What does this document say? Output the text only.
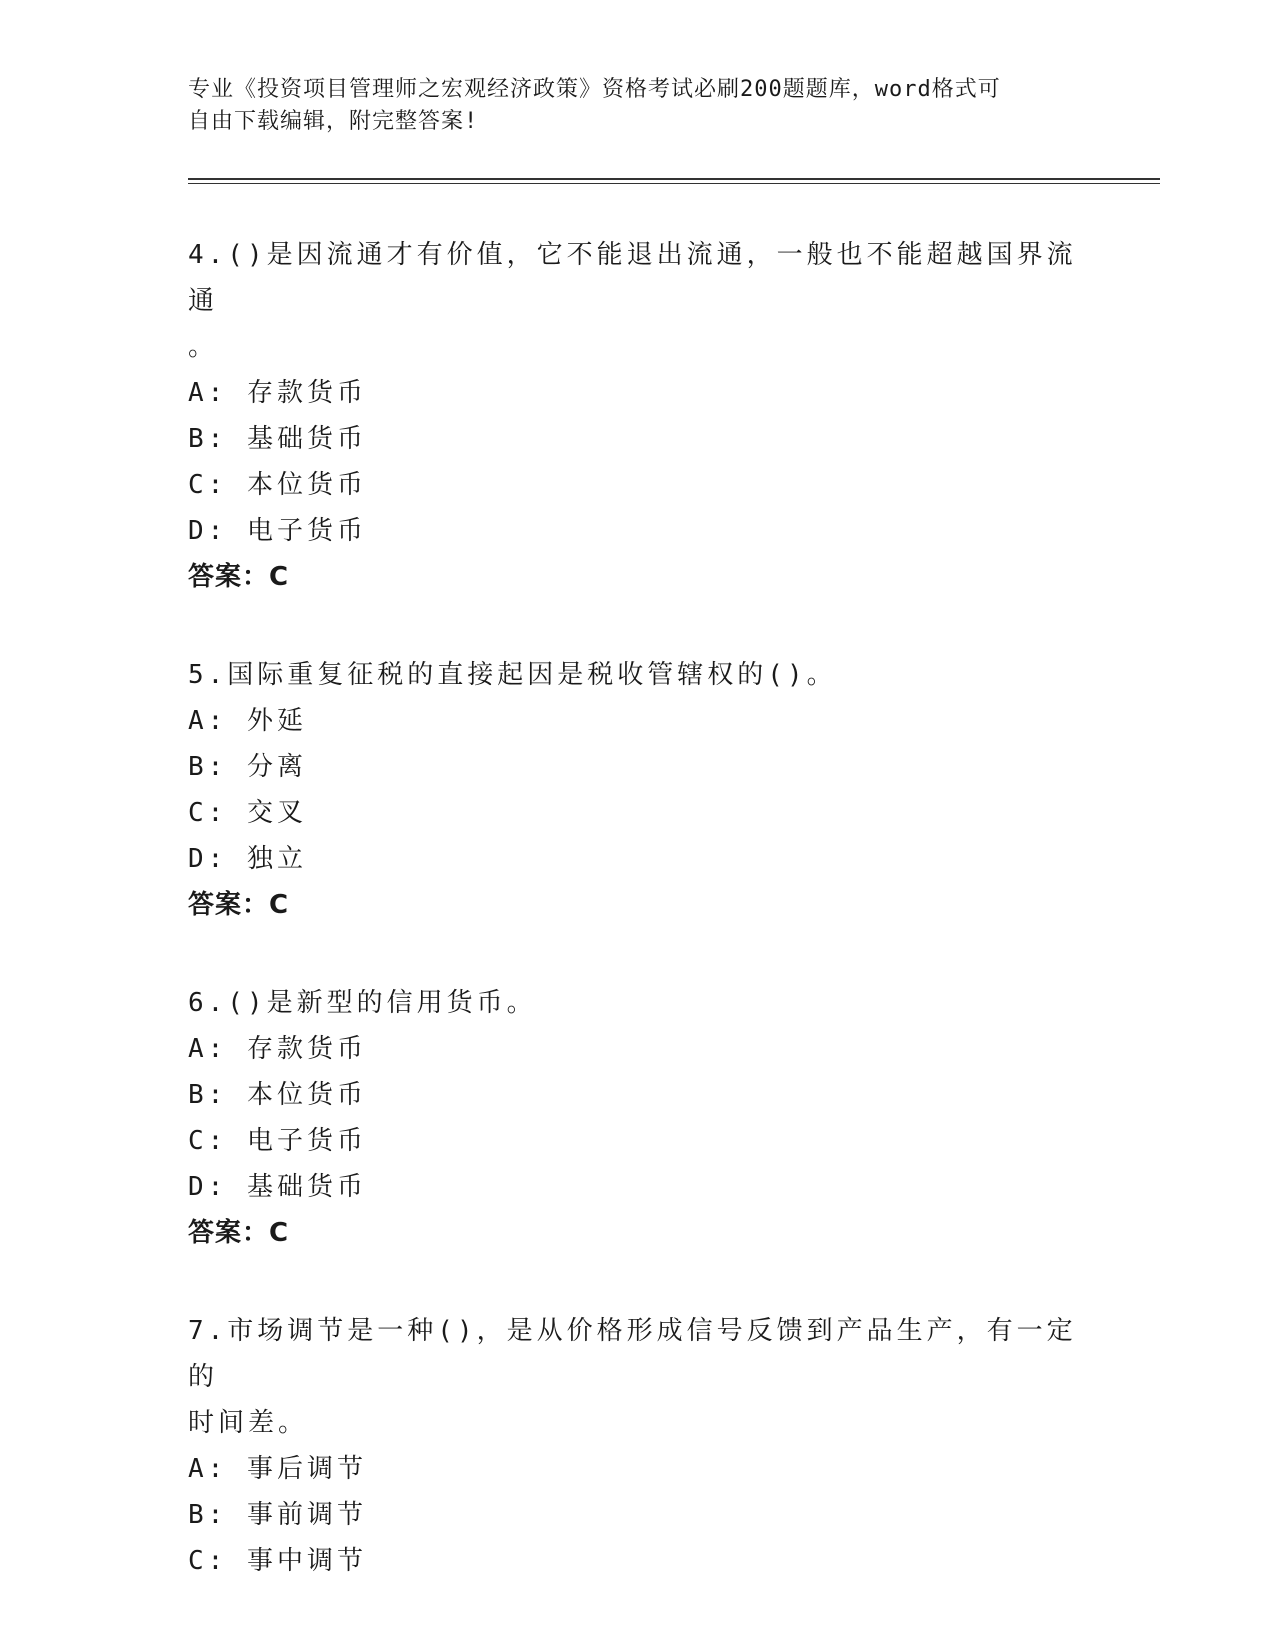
专业《投资项目管理师之宏观经济政策》资格考试必刷200题题库，word格式可
自由下载编辑，附完整答案!
4.()是因流通才有价值，它不能退出流通，一般也不能超越国界流通
。
A: 存款货币
B: 基础货币
C: 本位货币
D: 电子货币
答案：C
5.国际重复征税的直接起因是税收管辖权的()。
A: 外延
B: 分离
C: 交叉
D: 独立
答案：C
6.()是新型的信用货币。
A: 存款货币
B: 本位货币
C: 电子货币
D: 基础货币
答案：C
7.市场调节是一种()，是从价格形成信号反馈到产品生产，有一定的
时间差。
A: 事后调节
B: 事前调节
C: 事中调节
